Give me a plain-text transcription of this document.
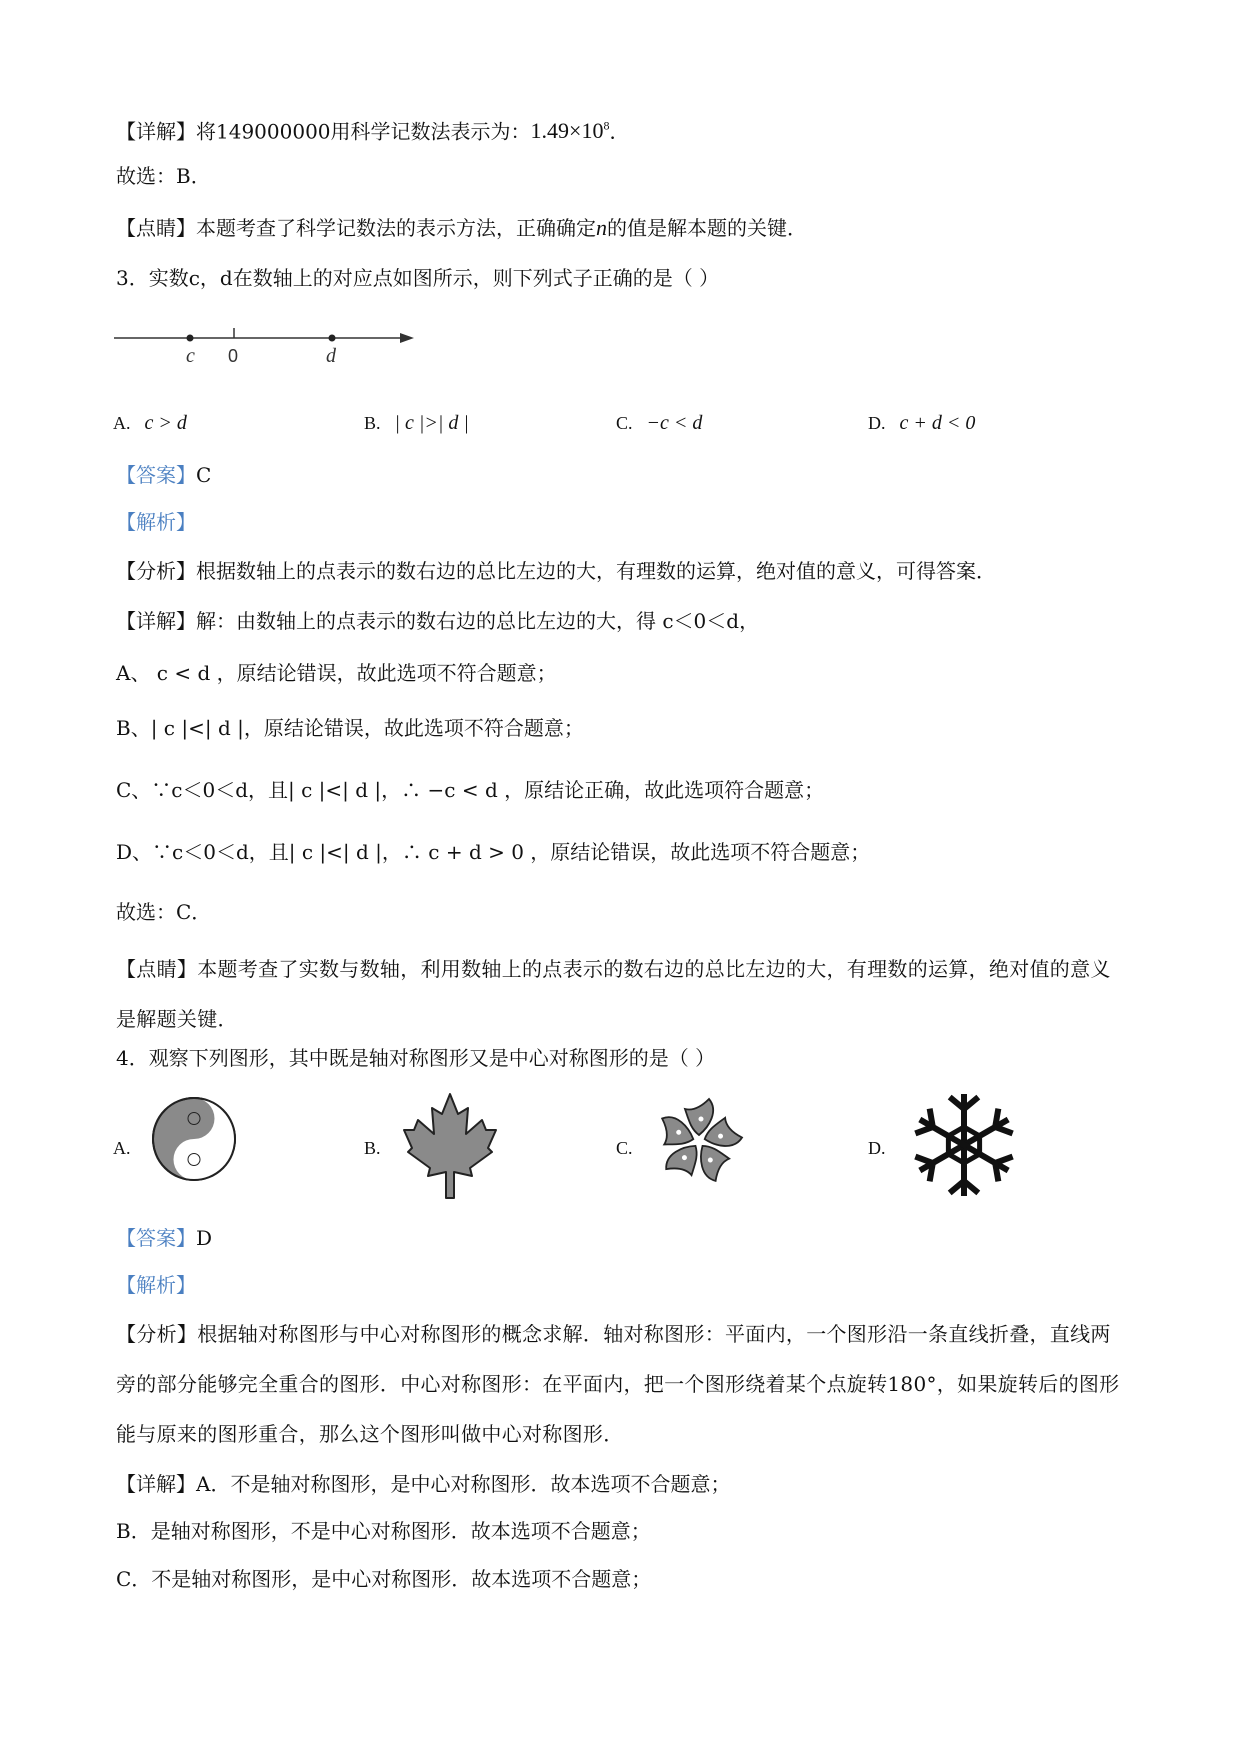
【详解】将149000000用科学记数法表示为：$1.49\times 10^8$．
故选：B．
【点睛】本题考查了科学记数法的表示方法，正确确定n的值是解本题的关键．
3．实数c，d在数轴上的对应点如图所示，则下列式子正确的是（ ）
c 0	d
A. c > d	B. | c |>| d |	C. −c < d	D. c + d < 0
【答案】C
【解析】
【分析】根据数轴上的点表示的数右边的总比左边的大，有理数的运算，绝对值的意义，可得答案．
【详解】解：由数轴上的点表示的数右边的总比左边的大，得 c＜0＜d，
A、 c < d ，原结论错误，故此选项不符合题意；
B、| c |<| d |，原结论错误，故此选项不符合题意；
C、∵c＜0＜d，且| c |<| d |，∴ −c < d ，原结论正确，故此选项符合题意；
D、∵c＜0＜d，且| c |<| d |，∴ c + d > 0 ，原结论错误，故此选项不符合题意；
故选：C．
【点睛】本题考查了实数与数轴，利用数轴上的点表示的数右边的总比左边的大，有理数的运算，绝对值的意义是解题关键．
4．观察下列图形，其中既是轴对称图形又是中心对称图形的是（ ）
A.	B.	C.	D.
【答案】D
【解析】
【分析】根据轴对称图形与中心对称图形的概念求解．轴对称图形：平面内，一个图形沿一条直线折叠，直线两旁的部分能够完全重合的图形．中心对称图形：在平面内，把一个图形绕着某个点旋转180°，如果旋转后的图形能与原来的图形重合，那么这个图形叫做中心对称图形．
【详解】A．不是轴对称图形，是中心对称图形．故本选项不合题意；
B．是轴对称图形，不是中心对称图形．故本选项不合题意；
C．不是轴对称图形，是中心对称图形．故本选项不合题意；
